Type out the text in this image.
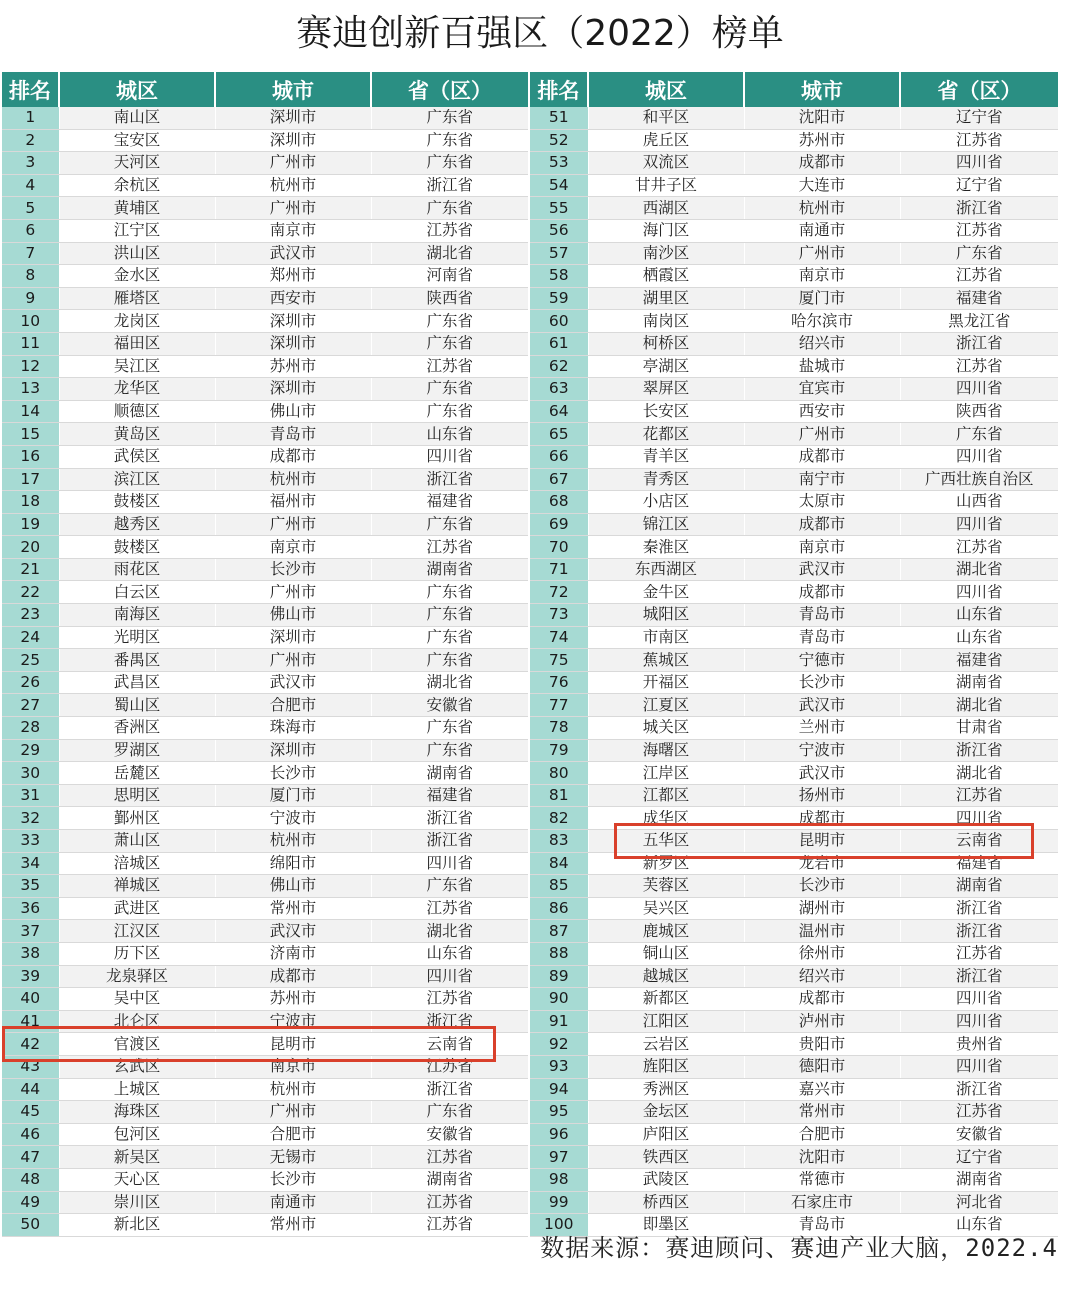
赛迪创新百强区（2022）榜单
排名	城区	城市	省（区）
1	南山区	深圳市	广东省
2	宝安区	深圳市	广东省
3	天河区	广州市	广东省
4	余杭区	杭州市	浙江省
5	黄埔区	广州市	广东省
6	江宁区	南京市	江苏省
7	洪山区	武汉市	湖北省
8	金水区	郑州市	河南省
9	雁塔区	西安市	陕西省
10	龙岗区	深圳市	广东省
11	福田区	深圳市	广东省
12	吴江区	苏州市	江苏省
13	龙华区	深圳市	广东省
14	顺德区	佛山市	广东省
15	黄岛区	青岛市	山东省
16	武侯区	成都市	四川省
17	滨江区	杭州市	浙江省
18	鼓楼区	福州市	福建省
19	越秀区	广州市	广东省
20	鼓楼区	南京市	江苏省
21	雨花区	长沙市	湖南省
22	白云区	广州市	广东省
23	南海区	佛山市	广东省
24	光明区	深圳市	广东省
25	番禺区	广州市	广东省
26	武昌区	武汉市	湖北省
27	蜀山区	合肥市	安徽省
28	香洲区	珠海市	广东省
29	罗湖区	深圳市	广东省
30	岳麓区	长沙市	湖南省
31	思明区	厦门市	福建省
32	鄞州区	宁波市	浙江省
33	萧山区	杭州市	浙江省
34	涪城区	绵阳市	四川省
35	禅城区	佛山市	广东省
36	武进区	常州市	江苏省
37	江汉区	武汉市	湖北省
38	历下区	济南市	山东省
39	龙泉驿区	成都市	四川省
40	吴中区	苏州市	江苏省
41	北仑区	宁波市	浙江省
42	官渡区	昆明市	云南省
43	玄武区	南京市	江苏省
44	上城区	杭州市	浙江省
45	海珠区	广州市	广东省
46	包河区	合肥市	安徽省
47	新吴区	无锡市	江苏省
48	天心区	长沙市	湖南省
49	崇川区	南通市	江苏省
50	新北区	常州市	江苏省
排名	城区	城市	省（区）
51	和平区	沈阳市	辽宁省
52	虎丘区	苏州市	江苏省
53	双流区	成都市	四川省
54	甘井子区	大连市	辽宁省
55	西湖区	杭州市	浙江省
56	海门区	南通市	江苏省
57	南沙区	广州市	广东省
58	栖霞区	南京市	江苏省
59	湖里区	厦门市	福建省
60	南岗区	哈尔滨市	黑龙江省
61	柯桥区	绍兴市	浙江省
62	亭湖区	盐城市	江苏省
63	翠屏区	宜宾市	四川省
64	长安区	西安市	陕西省
65	花都区	广州市	广东省
66	青羊区	成都市	四川省
67	青秀区	南宁市	广西壮族自治区
68	小店区	太原市	山西省
69	锦江区	成都市	四川省
70	秦淮区	南京市	江苏省
71	东西湖区	武汉市	湖北省
72	金牛区	成都市	四川省
73	城阳区	青岛市	山东省
74	市南区	青岛市	山东省
75	蕉城区	宁德市	福建省
76	开福区	长沙市	湖南省
77	江夏区	武汉市	湖北省
78	城关区	兰州市	甘肃省
79	海曙区	宁波市	浙江省
80	江岸区	武汉市	湖北省
81	江都区	扬州市	江苏省
82	成华区	成都市	四川省
83	五华区	昆明市	云南省
84	新罗区	龙岩市	福建省
85	芙蓉区	长沙市	湖南省
86	吴兴区	湖州市	浙江省
87	鹿城区	温州市	浙江省
88	铜山区	徐州市	江苏省
89	越城区	绍兴市	浙江省
90	新都区	成都市	四川省
91	江阳区	泸州市	四川省
92	云岩区	贵阳市	贵州省
93	旌阳区	德阳市	四川省
94	秀洲区	嘉兴市	浙江省
95	金坛区	常州市	江苏省
96	庐阳区	合肥市	安徽省
97	铁西区	沈阳市	辽宁省
98	武陵区	常德市	湖南省
99	桥西区	石家庄市	河北省
100	即墨区	青岛市	山东省
数据来源：赛迪顾问、赛迪产业大脑，2022.4
